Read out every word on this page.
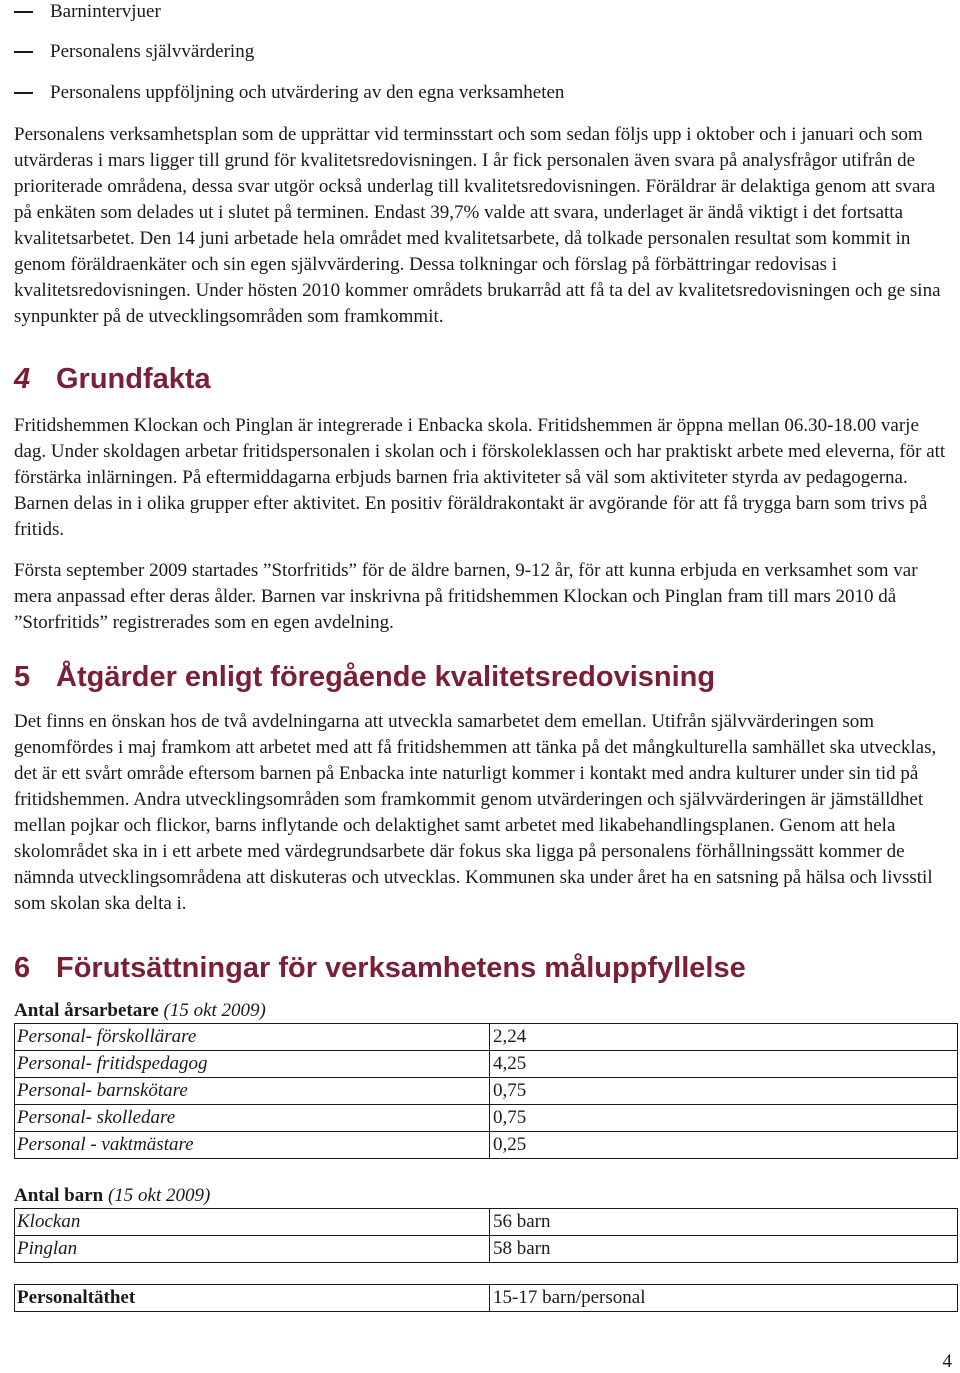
Barnintervjuer
Personalens självvärdering
Personalens uppföljning och utvärdering av den egna verksamheten

Personalens verksamhetsplan som de upprättar vid terminsstart och som sedan följs upp i oktober och i januari och som utvärderas i mars ligger till grund för kvalitetsredovisningen. I år fick personalen även svara på analysfrågor utifrån de prioriterade områdena, dessa svar utgör också underlag till kvalitetsredovisningen. Föräldrar är delaktiga genom att svara på enkäten som delades ut i slutet på terminen. Endast 39,7% valde att svara, underlaget är ändå viktigt i det fortsatta kvalitetsarbetet. Den 14 juni arbetade hela området med kvalitetsarbete, då tolkade personalen resultat som kommit in genom föräldraenkäter och sin egen självvärdering. Dessa tolkningar och förslag på förbättringar redovisas i kvalitetsredovisningen. Under hösten 2010 kommer områdets brukarråd att få ta del av kvalitetsredovisningen och ge sina synpunkter på de utvecklingsområden som framkommit.

4 Grundfakta

Fritidshemmen Klockan och Pinglan är integrerade i Enbacka skola. Fritidshemmen är öppna mellan 06.30-18.00 varje dag. Under skoldagen arbetar fritidspersonalen i skolan och i förskoleklassen och har praktiskt arbete med eleverna, för att förstärka inlärningen. På eftermiddagarna erbjuds barnen fria aktiviteter så väl som aktiviteter styrda av pedagogerna. Barnen delas in i olika grupper efter aktivitet. En positiv föräldrakontakt är avgörande för att få trygga barn som trivs på fritids.

Första september 2009 startades ”Storfritids” för de äldre barnen, 9-12 år, för att kunna erbjuda en verksamhet som var mera anpassad efter deras ålder. Barnen var inskrivna på fritidshemmen Klockan och Pinglan fram till mars 2010 då ”Storfritids” registrerades som en egen avdelning.

5 Åtgärder enligt föregående kvalitetsredovisning

Det finns en önskan hos de två avdelningarna att utveckla samarbetet dem emellan. Utifrån självvärderingen som genomfördes i maj framkom att arbetet med att få fritidshemmen att tänka på det mångkulturella samhället ska utvecklas, det är ett svårt område eftersom barnen på Enbacka inte naturligt kommer i kontakt med andra kulturer under sin tid på fritidshemmen. Andra utvecklingsområden som framkommit genom utvärderingen och självvärderingen är jämställdhet mellan pojkar och flickor, barns inflytande och delaktighet samt arbetet med likabehandlingsplanen. Genom att hela skolområdet ska in i ett arbete med värdegrundsarbete där fokus ska ligga på personalens förhållningssätt kommer de nämnda utvecklingsområdena att diskuteras och utvecklas. Kommunen ska under året ha en satsning på hälsa och livsstil som skolan ska delta i.

6 Förutsättningar för verksamhetens måluppfyllelse
Antal årsarbetare (15 okt 2009)
Personal- förskollärare	2,24
Personal- fritidspedagog	4,25
Personal- barnskötare	0,75
Personal- skolledare	0,75
Personal - vaktmästare	0,25
Antal barn (15 okt 2009)
Klockan	56 barn
Pinglan	58 barn
Personaltäthet	15-17 barn/personal
4
